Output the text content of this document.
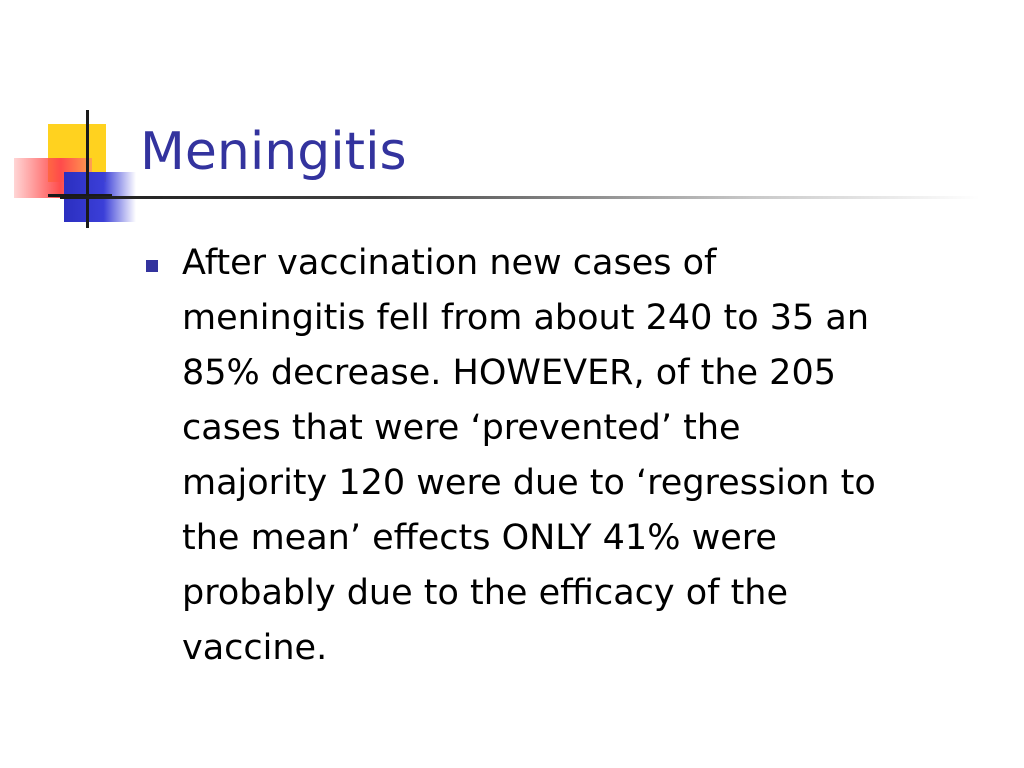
Meningitis
After vaccination new cases of
meningitis fell from about 240 to 35 an
85% decrease. HOWEVER, of the 205
cases that were ‘prevented’ the
majority 120 were due to ‘regression to
the mean’ effects ONLY 41% were
probably due to the efficacy of the
vaccine.
